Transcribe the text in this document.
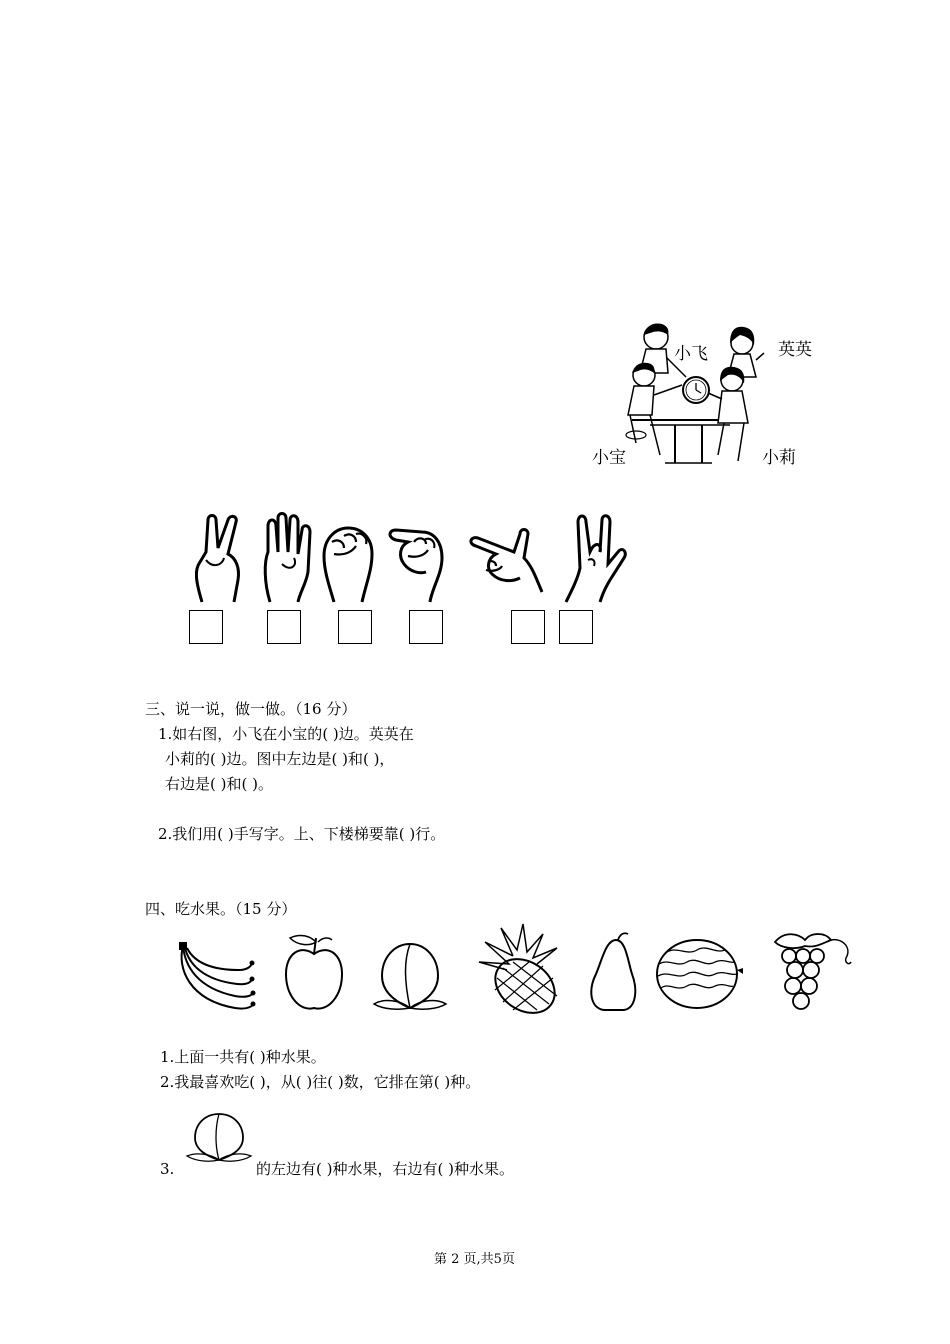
小飞	英英
小宝	小莉
三、说一说，做一做。（16 分）
1.如右图，小飞在小宝的( )边。英英在
小莉的( )边。图中左边是( )和( )，
右边是( )和( )。
2.我们用( )手写字。上、下楼梯要靠( )行。
四、吃水果。（15 分）
1.上面一共有( )种水果。
2.我最喜欢吃( )，从( )往( )数，它排在第( )种。
3.	的左边有( )种水果，右边有( )种水果。
第 2 页,共5页
